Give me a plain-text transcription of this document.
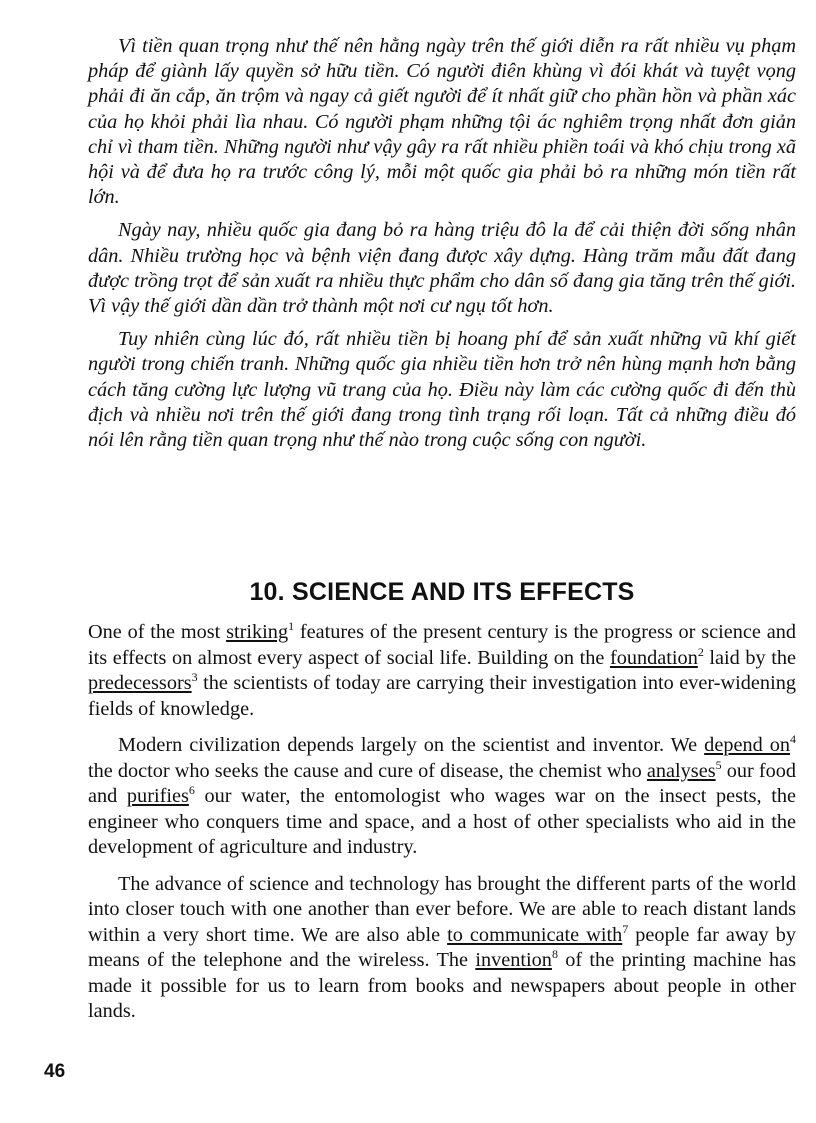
Vì tiền quan trọng như thế nên hằng ngày trên thế giới diễn ra rất nhiều vụ phạm pháp để giành lấy quyền sở hữu tiền. Có người điên khùng vì đói khát và tuyệt vọng phải đi ăn cắp, ăn trộm và ngay cả giết người để ít nhất giữ cho phần hồn và phần xác của họ khỏi phải lìa nhau. Có người phạm những tội ác nghiêm trọng nhất đơn giản chỉ vì tham tiền. Những người như vậy gây ra rất nhiều phiền toái và khó chịu trong xã hội và để đưa họ ra trước công lý, mỗi một quốc gia phải bỏ ra những món tiền rất lớn.

Ngày nay, nhiều quốc gia đang bỏ ra hàng triệu đô la để cải thiện đời sống nhân dân. Nhiều trường học và bệnh viện đang được xây dựng. Hàng trăm mẫu đất đang được trồng trọt để sản xuất ra nhiều thực phẩm cho dân số đang gia tăng trên thế giới. Vì vậy thế giới dần dần trở thành một nơi cư ngụ tốt hơn.

Tuy nhiên cùng lúc đó, rất nhiều tiền bị hoang phí để sản xuất những vũ khí giết người trong chiến tranh. Những quốc gia nhiều tiền hơn trở nên hùng mạnh hơn bằng cách tăng cường lực lượng vũ trang của họ. Điều này làm các cường quốc đi đến thù địch và nhiều nơi trên thế giới đang trong tình trạng rối loạn. Tất cả những điều đó nói lên rằng tiền quan trọng như thế nào trong cuộc sống con người.

10. SCIENCE AND ITS EFFECTS

One of the most striking$^1$ features of the present century is the progress or science and its effects on almost every aspect of social life. Building on the foundation$^2$ laid by the predecessors$^3$ the scientists of today are carrying their investigation into ever-widening fields of knowledge.

Modern civilization depends largely on the scientist and inventor. We depend $on^4$ the doctor who seeks the cause and cure of disease, the chemist who analyses$^5$ our food and purifies$^6$ our water, the entomologist who wages war on the insect pests, the engineer who conquers time and space, and a host of other specialists who aid in the development of agriculture and industry.

The advance of science and technology has brought the different parts of the world into closer touch with one another than ever before. We are able to reach distant lands within a very short time. We are also able to communicate with$^7$ people far away by means of the telephone and the wireless. The invention$^8$ of the printing machine has made it possible for us to learn from books and newspapers about people in other lands.

46
